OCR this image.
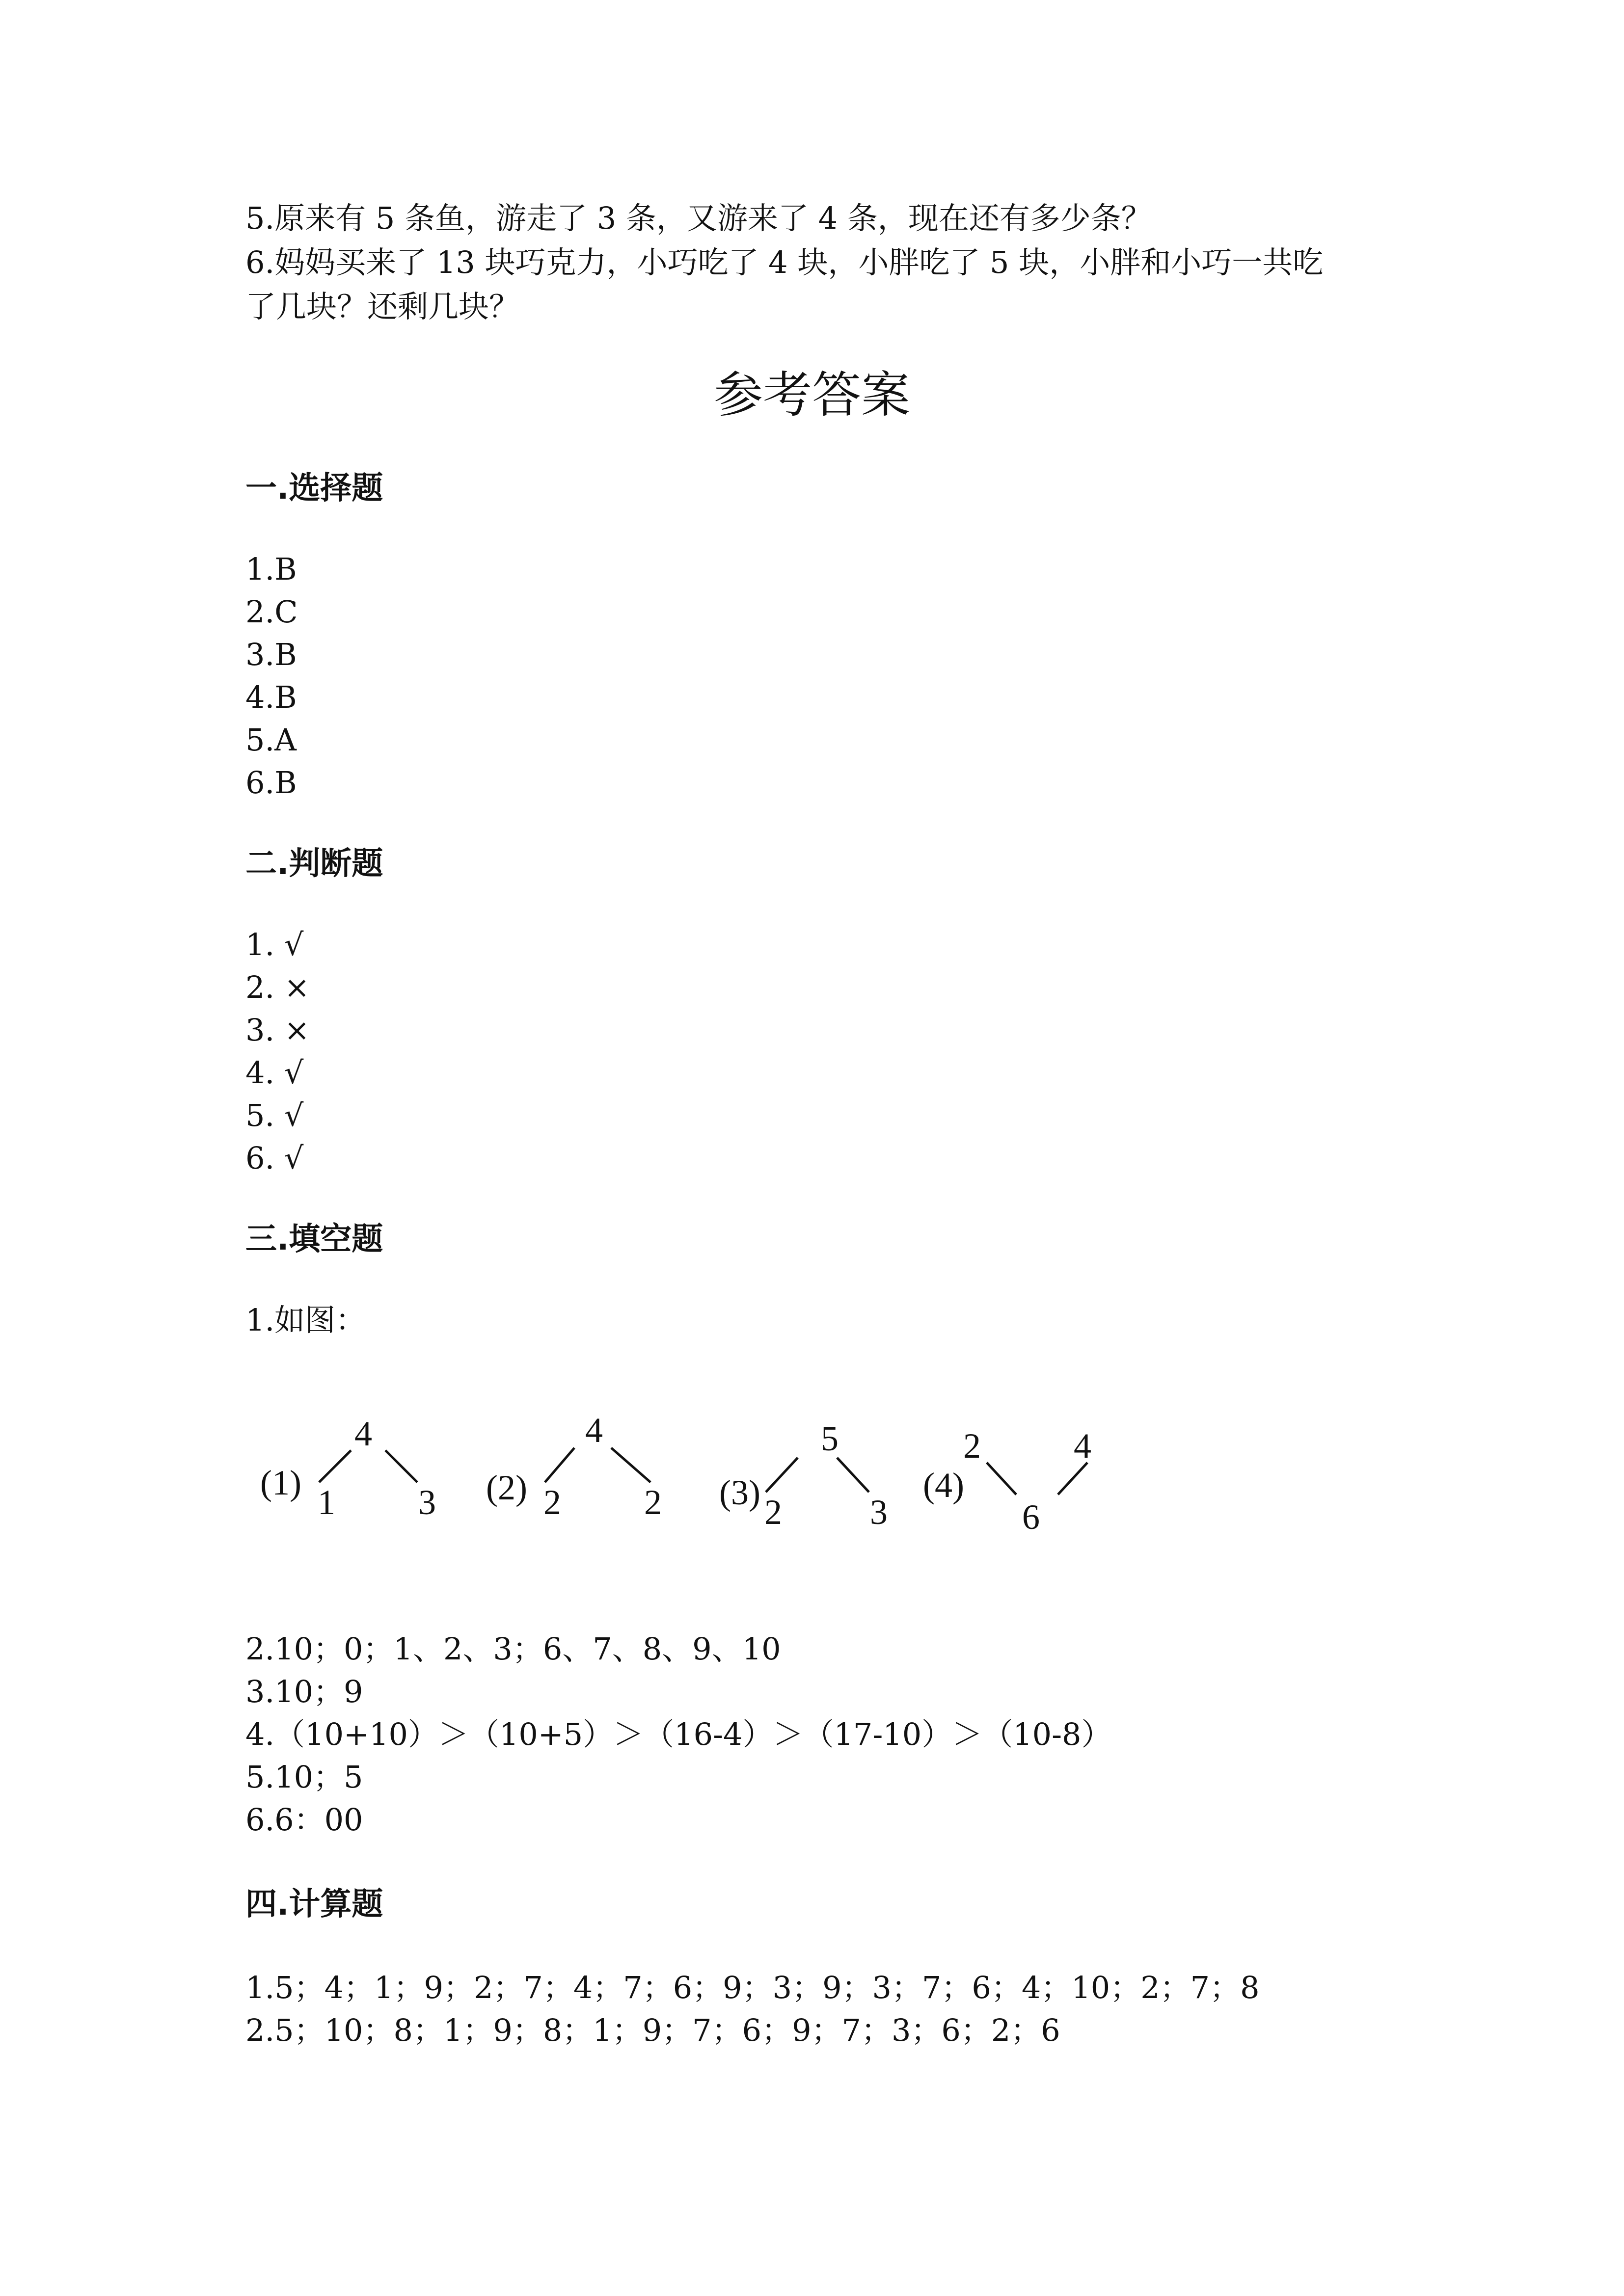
5.原来有 5 条鱼，游走了 3 条，又游来了 4 条，现在还有多少条？
6.妈妈买来了 13 块巧克力，小巧吃了 4 块，小胖吃了 5 块，小胖和小巧一共吃
了几块？还剩几块？
参考答案
一.选择题
1.B
2.C
3.B
4.B
5.A
6.B
二.判断题
1. √
2. ×
3. ×
4. √
5. √
6. √
三.填空题
1.如图：
(1)
4
1 3 (2)
4
2 2 (3)
5
2 3
(4)
2	4
6
2.10；0；1、2、3；6、7、8、9、10
3.10；9
4.（10+10）＞（10+5）＞（16-4）＞（17-10）＞（10-8）
5.10；5
6.6：00
四.计算题
1.5；4；1；9；2；7；4；7；6；9；3；9；3；7；6；4；10；2；7；8
2.5；10；8；1；9；8；1；9；7；6；9；7；3；6；2；6
